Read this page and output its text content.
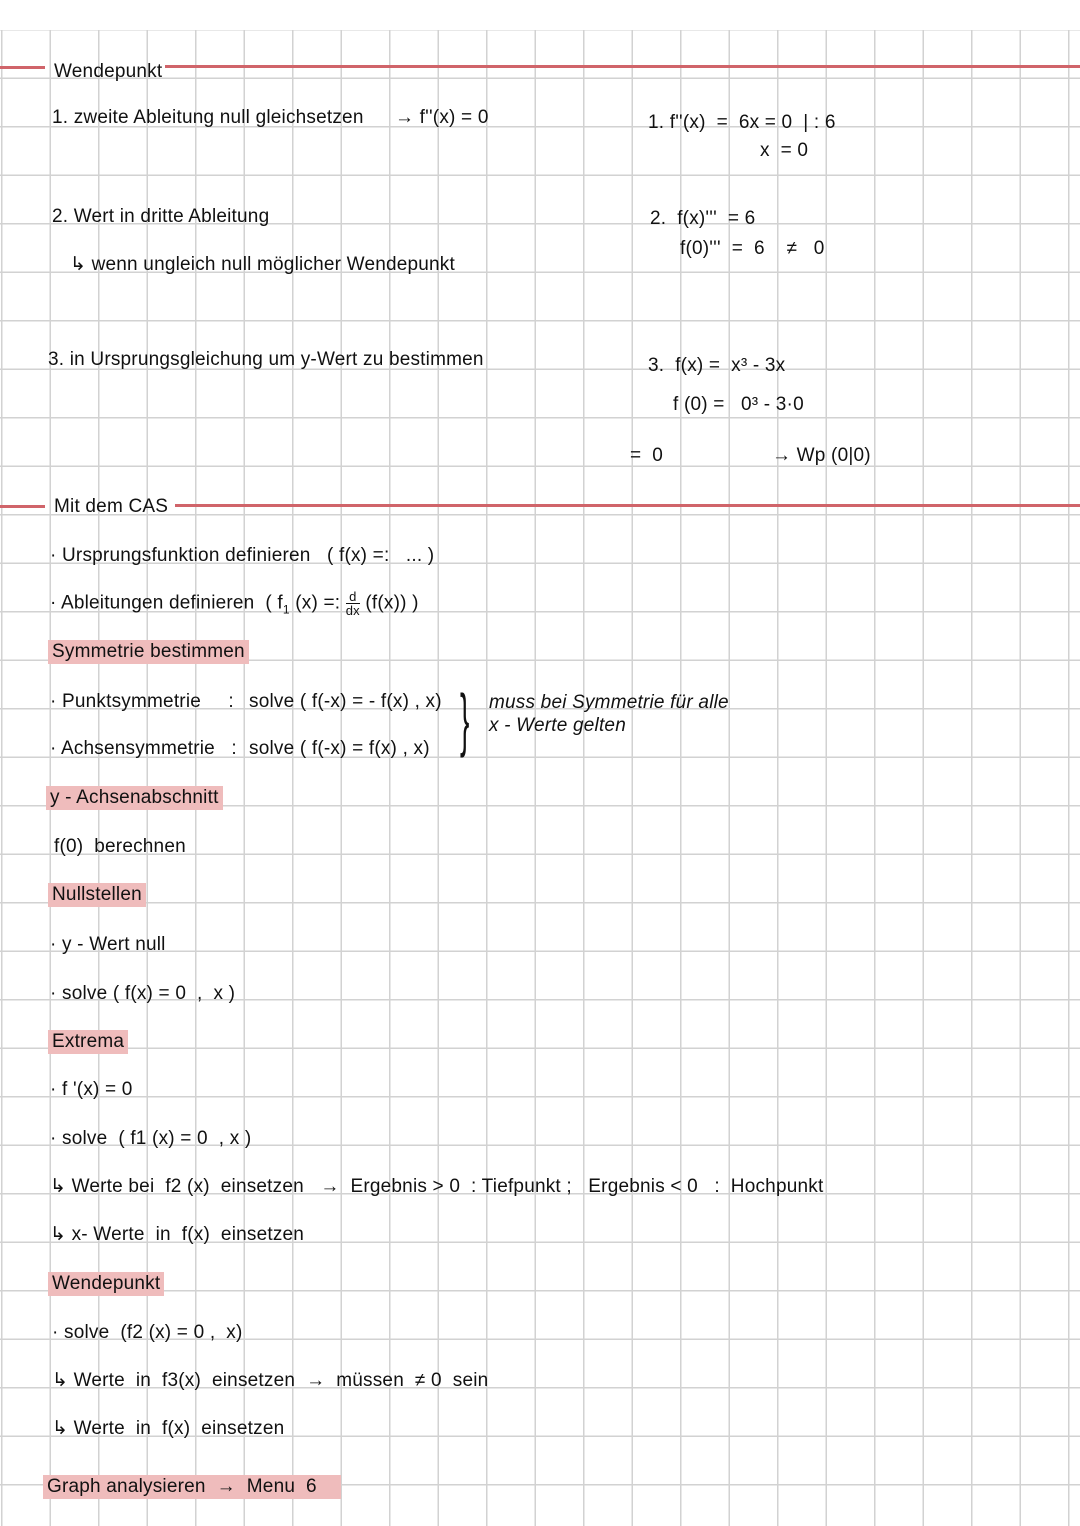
Wendepunkt
1. zweite Ableitung null gleichsetzen → f''(x) = 0
2. Wert in dritte Ableitung
↳ wenn ungleich null möglicher Wendepunkt
3. in Ursprungsgleichung um y-Wert zu bestimmen
1. f''(x)  =  6x = 0  | : 6
x  = 0
2.  f(x)'''  = 6
f(0)'''  =  6    ≠   0
3.  f(x) =  x³ - 3x
f (0) =   0³ - 3·0
=  0	→ Wp (0|0)
Mit dem CAS
· Ursprungsfunktion definieren   ( f(x) =:   ... )
· Ableitungen definieren  ( $f_1$ (x) =: $\frac{d}{dx} (f(x))$ )
Symmetrie bestimmen
· Punktsymmetrie     : solve ( f(-x) = - f(x) , x)
· Achsensymmetrie   : solve ( f(-x) = f(x) , x) } muss bei Symmetrie für alle
x - Werte gelten
y - Achsenabschnitt
f(0)  berechnen
Nullstellen
· y - Wert null
· solve ( f(x) = 0  ,  x )
Extrema
· f '(x) = 0
· solve  ( f1 (x) = 0  , x )
↳ Werte bei  f2 (x)  einsetzen   →  Ergebnis > 0  : Tiefpunkt ;   Ergebnis < 0   :  Hochpunkt
↳ x- Werte  in  f(x)  einsetzen
Wendepunkt
· solve  (f2 (x) = 0 ,  x)
↳ Werte  in  f3(x)  einsetzen  →  müssen  ≠ 0  sein
↳ Werte  in  f(x)  einsetzen
Graph analysieren  →  Menu  6
